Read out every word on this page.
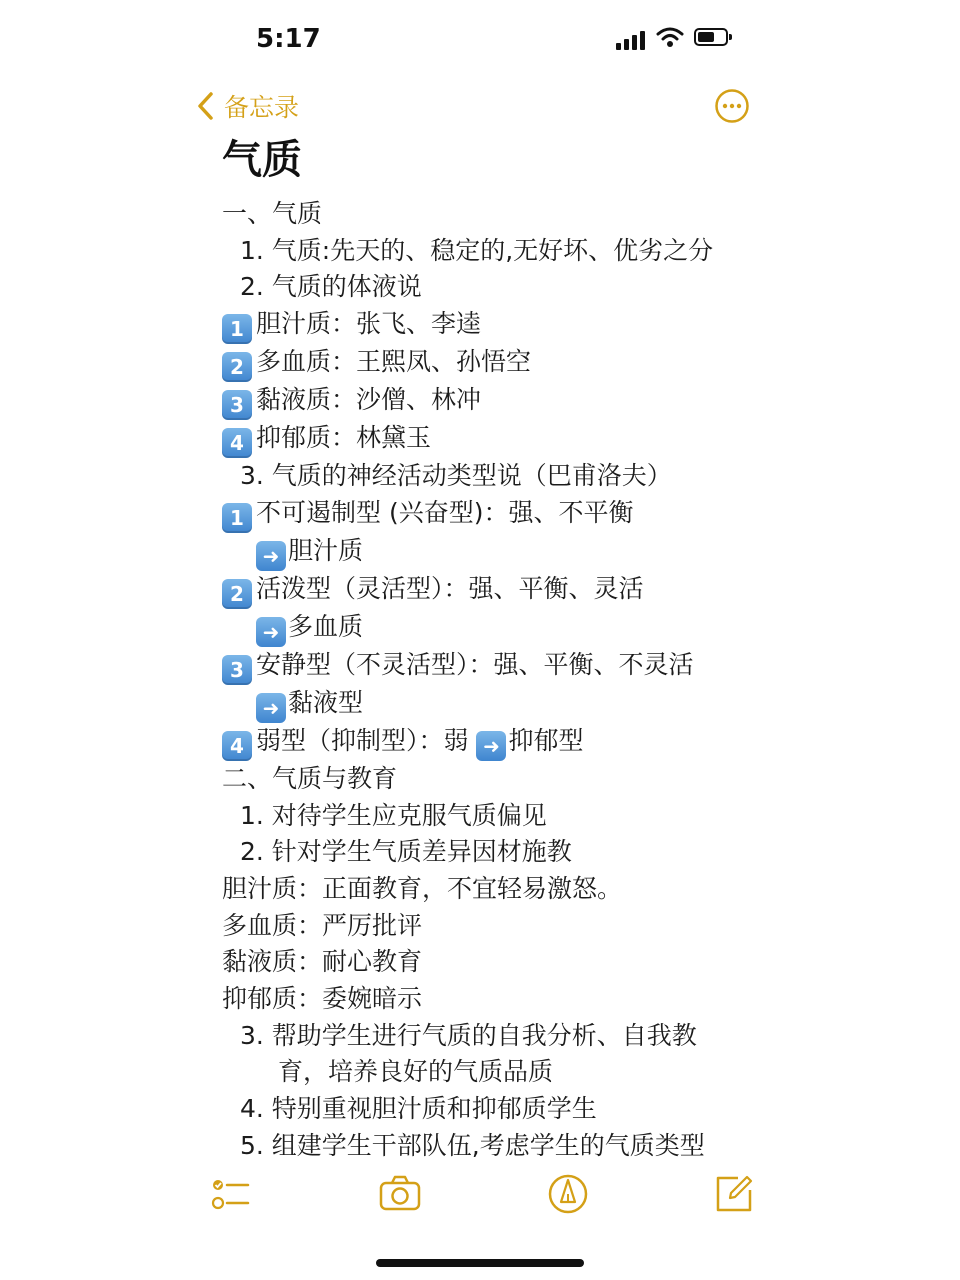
5:17
备忘录
气质
一、气质
1. 气质:先天的、稳定的,无好坏、优劣之分
2. 气质的体液说
1 胆汁质：张飞、李逵
2 多血质：王熙凤、孙悟空
3 黏液质：沙僧、林冲
4 抑郁质：林黛玉
3. 气质的神经活动类型说（巴甫洛夫）
1 不可遏制型 (兴奋型)：强、不平衡
➜ 胆汁质
2 活泼型（灵活型）：强、平衡、灵活
➜ 多血质
3 安静型（不灵活型）：强、平衡、不灵活
➜ 黏液型
4 弱型（抑制型）：弱 ➜ 抑郁型
二、气质与教育
1. 对待学生应克服气质偏见
2. 针对学生气质差异因材施教
胆汁质：正面教育，不宜轻易激怒。
多血质：严厉批评
黏液质：耐心教育
抑郁质：委婉暗示
3. 帮助学生进行气质的自我分析、自我教
育，培养良好的气质品质
4. 特别重视胆汁质和抑郁质学生
5. 组建学生干部队伍,考虑学生的气质类型
